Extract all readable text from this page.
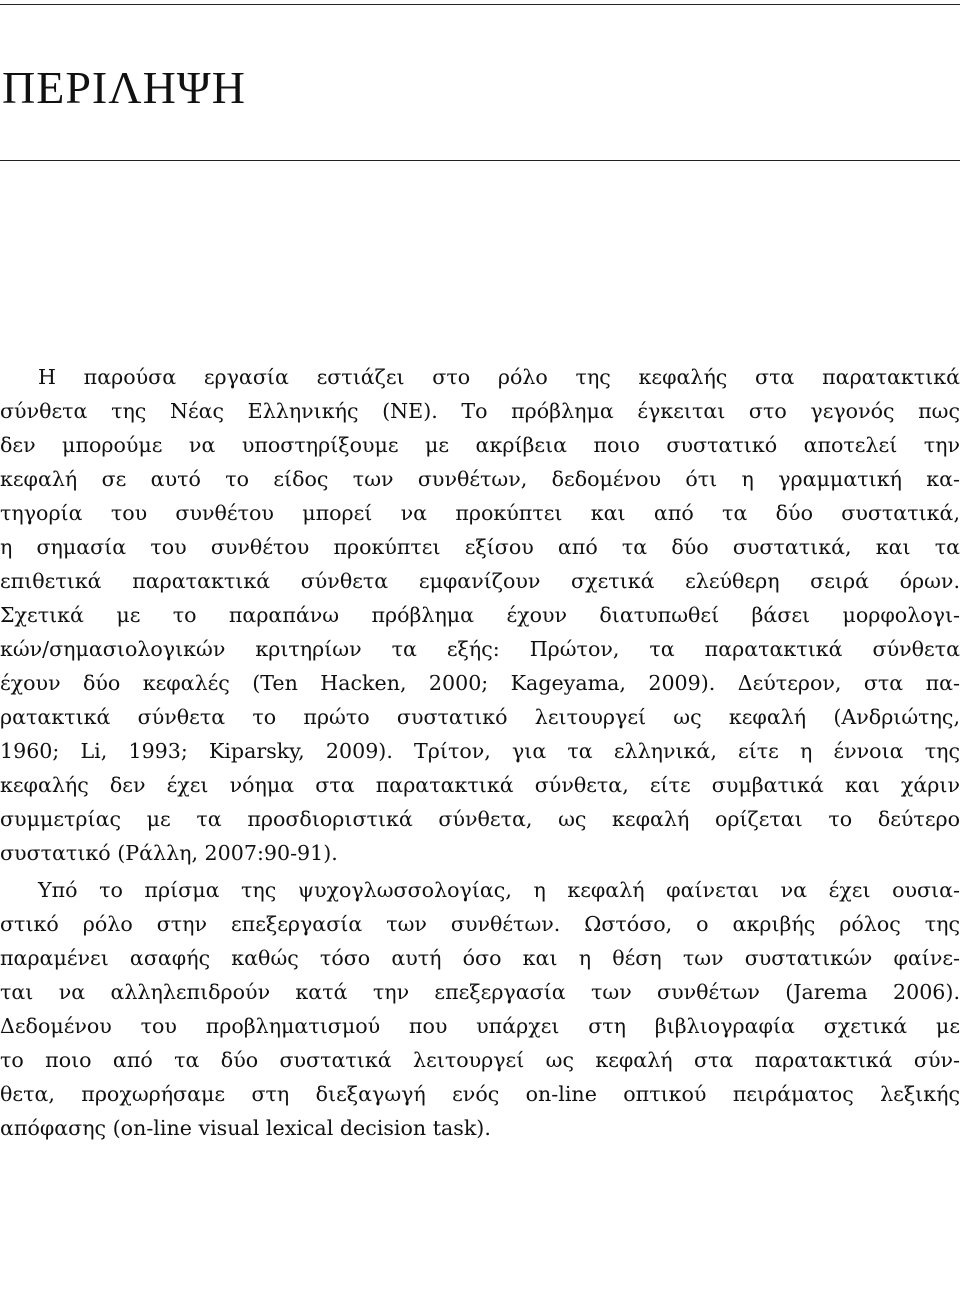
ΠΕΡΙΛΗΨΗ
Η παρούσα εργασία εστιάζει στο ρόλο της κεφαλής στα παρατακτικά
σύνθετα της Νέας Ελληνικής (ΝΕ). Το πρόβλημα έγκειται στο γεγονός πως
δεν μπορούμε να υποστηρίξουμε με ακρίβεια ποιο συστατικό αποτελεί την
κεφαλή σε αυτό το είδος των συνθέτων, δεδομένου ότι η γραμματική κα-
τηγορία του συνθέτου μπορεί να προκύπτει και από τα δύο συστατικά,
η σημασία του συνθέτου προκύπτει εξίσου από τα δύο συστατικά, και τα
επιθετικά παρατακτικά σύνθετα εμφανίζουν σχετικά ελεύθερη σειρά όρων.
Σχετικά με το παραπάνω πρόβλημα έχουν διατυπωθεί βάσει μορφολογι-
κών/σημασιολογικών κριτηρίων τα εξής: Πρώτον, τα παρατακτικά σύνθετα
έχουν δύο κεφαλές (Ten Hacken, 2000; Kageyama, 2009). Δεύτερον, στα πα-
ρατακτικά σύνθετα το πρώτο συστατικό λειτουργεί ως κεφαλή (Ανδριώτης,
1960; Li, 1993; Kiparsky, 2009). Τρίτον, για τα ελληνικά, είτε η έννοια της
κεφαλής δεν έχει νόημα στα παρατακτικά σύνθετα, είτε συμβατικά και χάριν
συμμετρίας με τα προσδιοριστικά σύνθετα, ως κεφαλή ορίζεται το δεύτερο
συστατικό (Ράλλη, 2007:90-91).
Υπό το πρίσμα της ψυχογλωσσολογίας, η κεφαλή φαίνεται να έχει ουσια-
στικό ρόλο στην επεξεργασία των συνθέτων. Ωστόσο, ο ακριβής ρόλος της
παραμένει ασαφής καθώς τόσο αυτή όσο και η θέση των συστατικών φαίνε-
ται να αλληλεπιδρούν κατά την επεξεργασία των συνθέτων (Jarema 2006).
Δεδομένου του προβληματισμού που υπάρχει στη βιβλιογραφία σχετικά με
το ποιο από τα δύο συστατικά λειτουργεί ως κεφαλή στα παρατακτικά σύν-
θετα, προχωρήσαμε στη διεξαγωγή ενός on-line οπτικού πειράματος λεξικής
απόφασης (on-line visual lexical decision task).
